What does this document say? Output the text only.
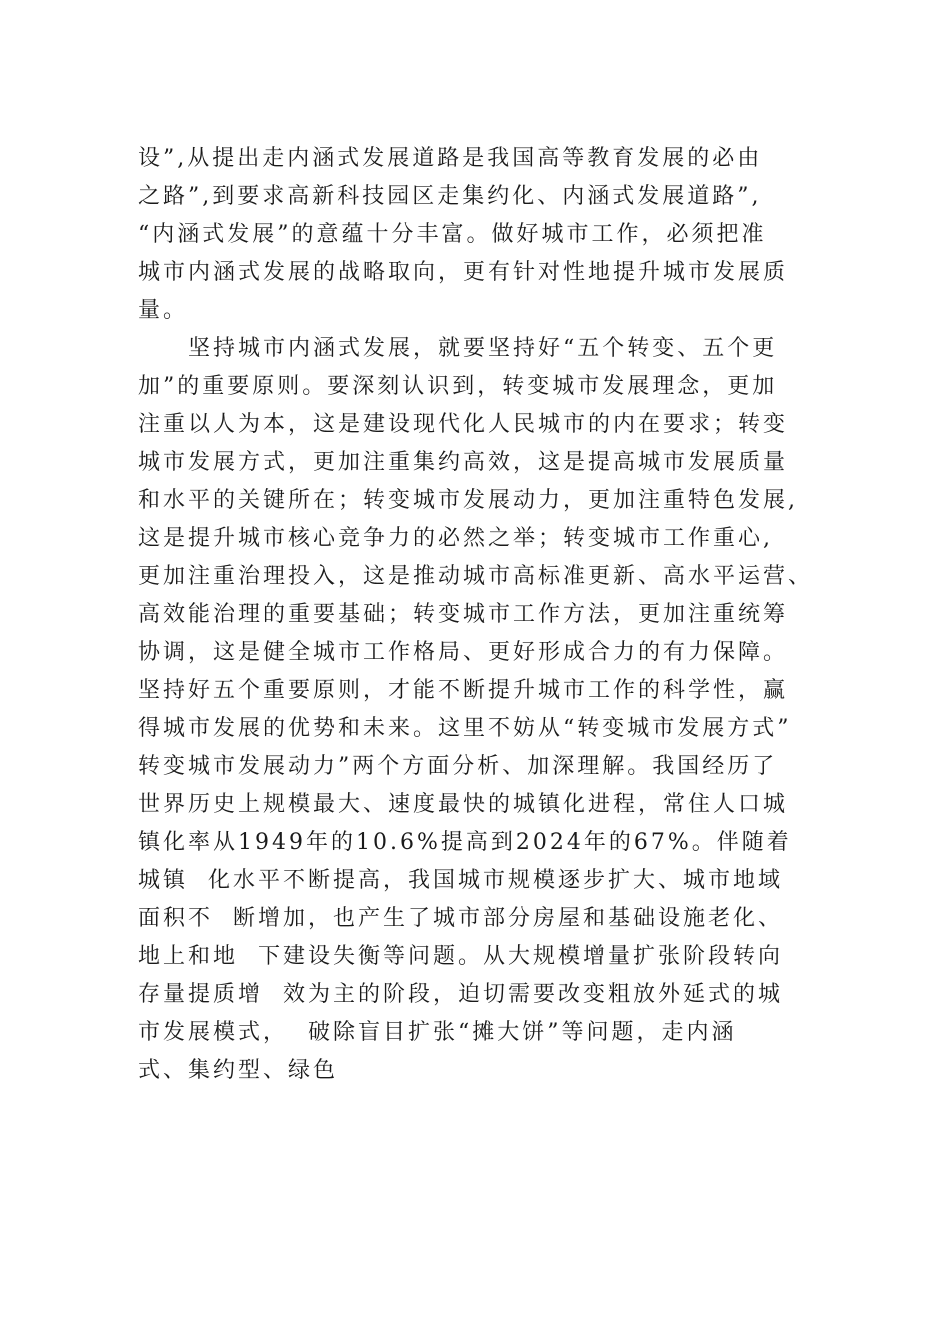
设”,从提出走内涵式发展道路是我国高等教育发展的必由
之路”,到要求高新科技园区走集约化、内涵式发展道路”,
“内涵式发展”的意蕴十分丰富。做好城市工作，必须把准
城市内涵式发展的战略取向，更有针对性地提升城市发展质
量。
　　坚持城市内涵式发展，就要坚持好“五个转变、五个更
加”的重要原则。要深刻认识到，转变城市发展理念，更加
注重以人为本，这是建设现代化人民城市的内在要求；转变
城市发展方式，更加注重集约高效，这是提高城市发展质量
和水平的关键所在；转变城市发展动力，更加注重特色发展,
这是提升城市核心竞争力的必然之举；转变城市工作重心,
更加注重治理投入，这是推动城市高标准更新、高水平运营、
高效能治理的重要基础；转变城市工作方法，更加注重统筹
协调，这是健全城市工作格局、更好形成合力的有力保障。
坚持好五个重要原则，才能不断提升城市工作的科学性，赢
得城市发展的优势和未来。这里不妨从“转变城市发展方式”
转变城市发展动力”两个方面分析、加深理解。我国经历了
世界历史上规模最大、速度最快的城镇化进程，常住人口城
镇化率从1949年的10.6%提高到2024年的67%。伴随着
城镇  化水平不断提高，我国城市规模逐步扩大、城市地域
面积不  断增加，也产生了城市部分房屋和基础设施老化、
地上和地  下建设失衡等问题。从大规模增量扩张阶段转向
存量提质增  效为主的阶段，迫切需要改变粗放外延式的城
市发展模式，  破除盲目扩张“摊大饼”等问题，走内涵
式、集约型、绿色
